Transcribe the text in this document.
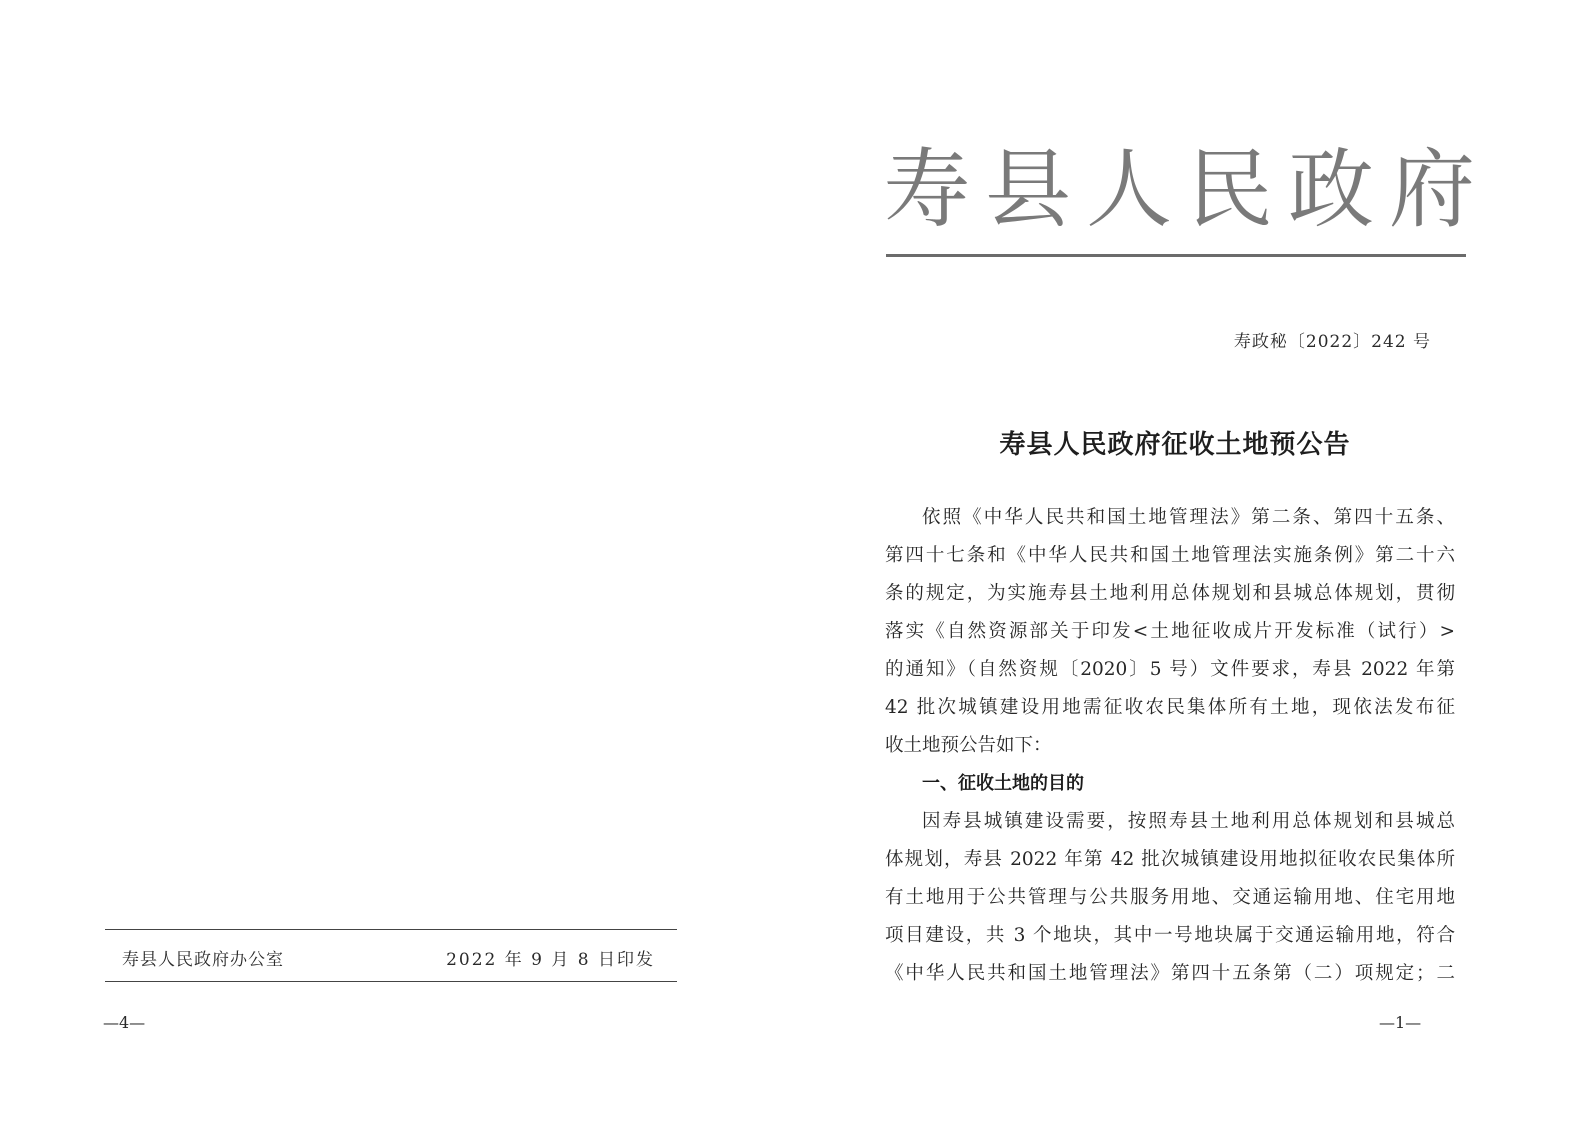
寿县人民政府办公室	2022 年 9 月 8 日印发
—4—
寿县人民政府
寿政秘〔2022〕242 号
寿县人民政府征收土地预公告
依照《中华人民共和国土地管理法》第二条、第四十五条、
第四十七条和《中华人民共和国土地管理法实施条例》第二十六
条的规定，为实施寿县土地利用总体规划和县城总体规划，贯彻
落实《自然资源部关于印发<土地征收成片开发标准（试行）>
的通知》（自然资规〔2020〕5 号）文件要求，寿县 2022 年第
42 批次城镇建设用地需征收农民集体所有土地，现依法发布征
收土地预公告如下：
一、征收土地的目的
因寿县城镇建设需要，按照寿县土地利用总体规划和县城总
体规划，寿县 2022 年第 42 批次城镇建设用地拟征收农民集体所
有土地用于公共管理与公共服务用地、交通运输用地、住宅用地
项目建设，共 3 个地块，其中一号地块属于交通运输用地，符合
《中华人民共和国土地管理法》第四十五条第（二）项规定；二
—1—
